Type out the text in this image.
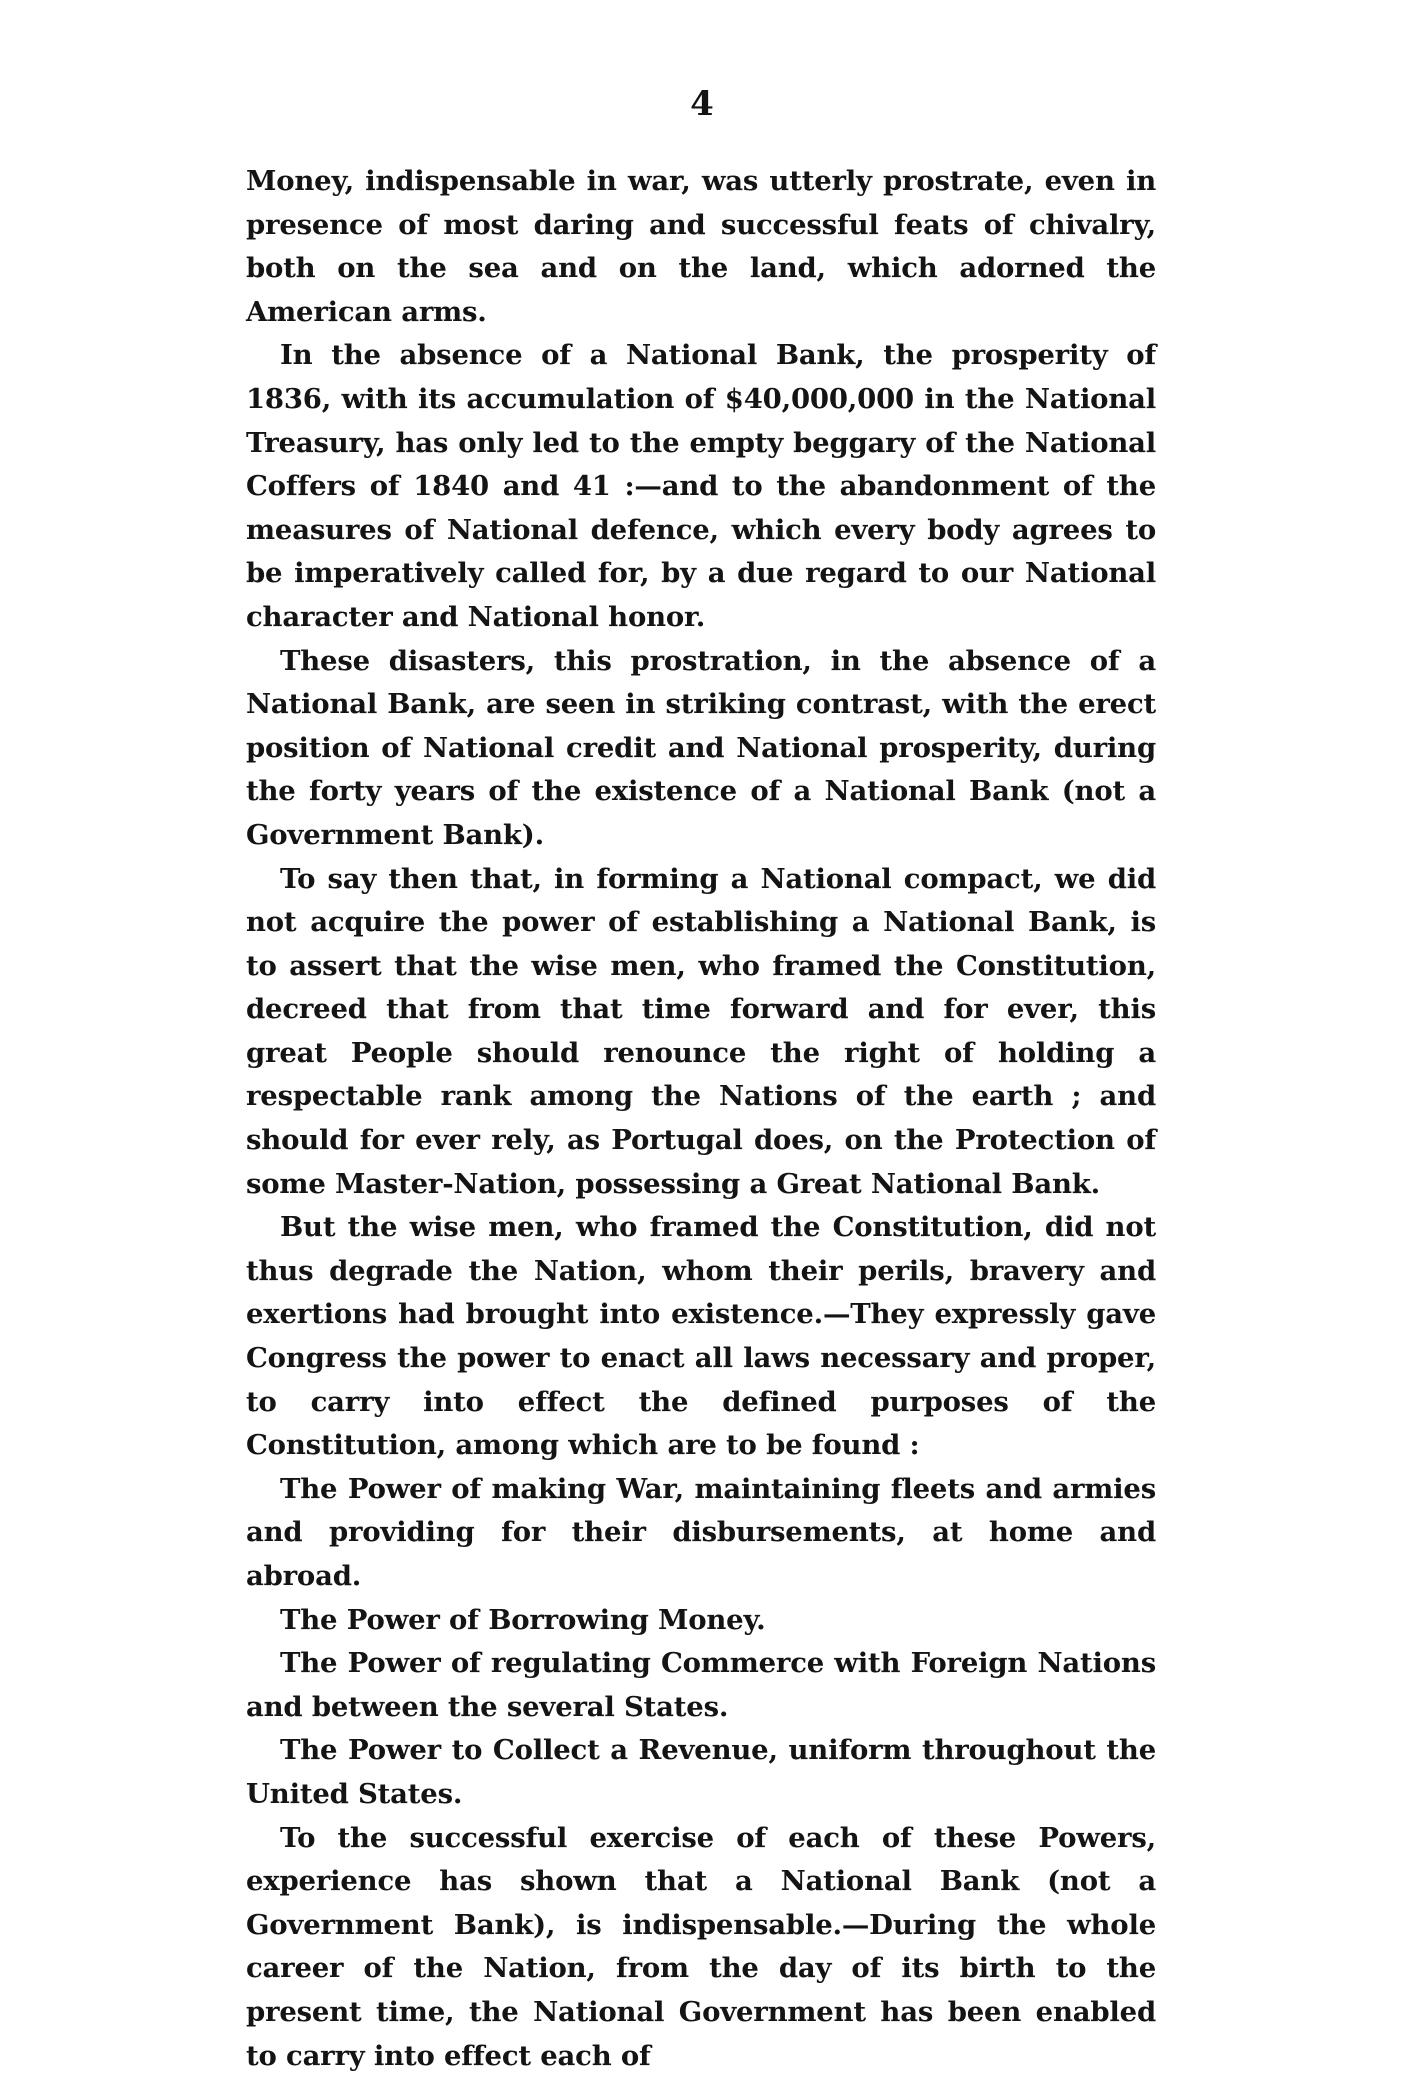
4

Money, indispensable in war, was utterly prostrate, even in presence of most daring and successful feats of chivalry, both on the sea and on the land, which adorned the American arms.

In the absence of a National Bank, the prosperity of 1836, with its accumulation of $40,000,000 in the National Treasury, has only led to the empty beggary of the National Coffers of 1840 and 41 :—and to the abandonment of the measures of National defence, which every body agrees to be imperatively called for, by a due regard to our National character and National honor.

These disasters, this prostration, in the absence of a National Bank, are seen in striking contrast, with the erect position of National credit and National prosperity, during the forty years of the existence of a National Bank (not a Government Bank).

To say then that, in forming a National compact, we did not acquire the power of establishing a National Bank, is to assert that the wise men, who framed the Constitution, decreed that from that time forward and for ever, this great People should renounce the right of holding a respectable rank among the Nations of the earth ; and should for ever rely, as Portugal does, on the Protection of some Master-Nation, possessing a Great National Bank.

But the wise men, who framed the Constitution, did not thus degrade the Nation, whom their perils, bravery and exertions had brought into existence.—They expressly gave Congress the power to enact all laws necessary and proper, to carry into effect the defined purposes of the Constitution, among which are to be found :

The Power of making War, maintaining fleets and armies and providing for their disbursements, at home and abroad.

The Power of Borrowing Money.

The Power of regulating Commerce with Foreign Nations and between the several States.

The Power to Collect a Revenue, uniform throughout the United States.

To the successful exercise of each of these Powers, experience has shown that a National Bank (not a Government Bank), is indispensable.—During the whole career of the Nation, from the day of its birth to the present time, the National Government has been enabled to carry into effect each of
